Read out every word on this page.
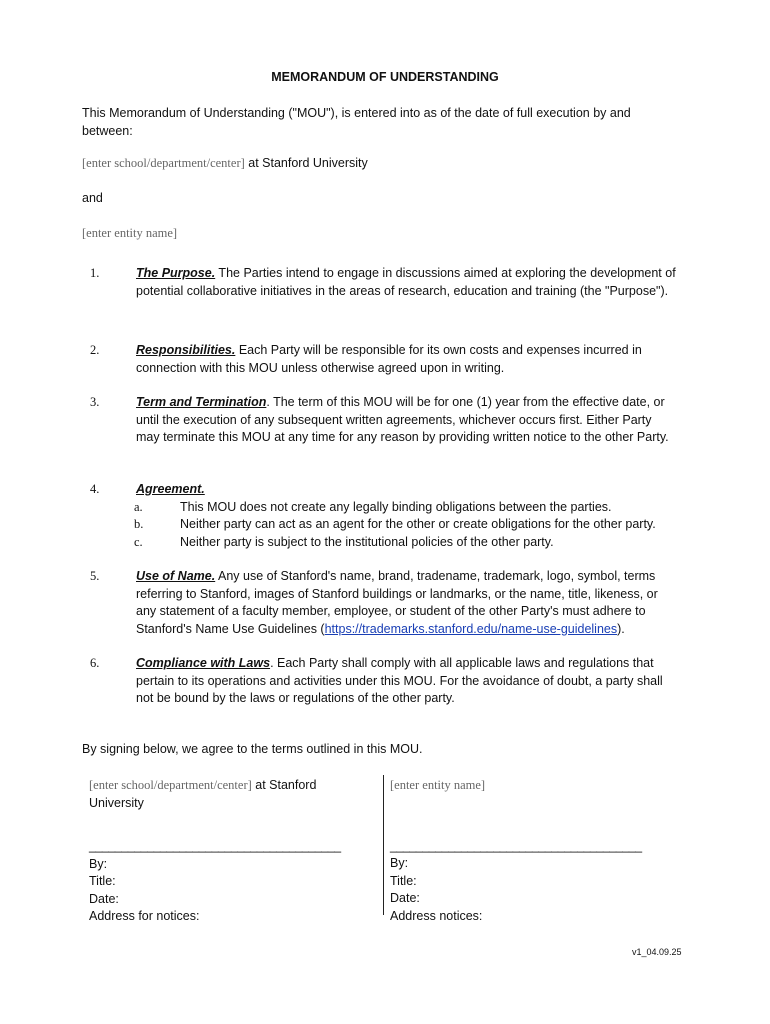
MEMORANDUM OF UNDERSTANDING
This Memorandum of Understanding ("MOU"), is entered into as of the date of full execution by and between:
[enter school/department/center] at Stanford University
and
[enter entity name]
1.	The Purpose. The Parties intend to engage in discussions aimed at exploring the development of potential collaborative initiatives in the areas of research, education and training (the "Purpose").
2.	Responsibilities. Each Party will be responsible for its own costs and expenses incurred in connection with this MOU unless otherwise agreed upon in writing.
3.	Term and Termination. The term of this MOU will be for one (1) year from the effective date, or until the execution of any subsequent written agreements, whichever occurs first. Either Party may terminate this MOU at any time for any reason by providing written notice to the other Party.
4.	Agreement.
a.	This MOU does not create any legally binding obligations between the parties.
b.	Neither party can act as an agent for the other or create obligations for the other party.
c.	Neither party is subject to the institutional policies of the other party.
5.	Use of Name. Any use of Stanford's name, brand, tradename, trademark, logo, symbol, terms referring to Stanford, images of Stanford buildings or landmarks, or the name, title, likeness, or any statement of a faculty member, employee, or student of the other Party's must adhere to Stanford's Name Use Guidelines (https://trademarks.stanford.edu/name-use-guidelines).
6.	Compliance with Laws. Each Party shall comply with all applicable laws and regulations that pertain to its operations and activities under this MOU. For the avoidance of doubt, a party shall not be bound by the laws or regulations of the other party.
By signing below, we agree to the terms outlined in this MOU.
[enter school/department/center] at Stanford University
_______________________________________
By:
Title:
Date:
Address for notices:
[enter entity name]
_______________________________________
By:
Title:
Date:
Address notices:
v1_04.09.25
